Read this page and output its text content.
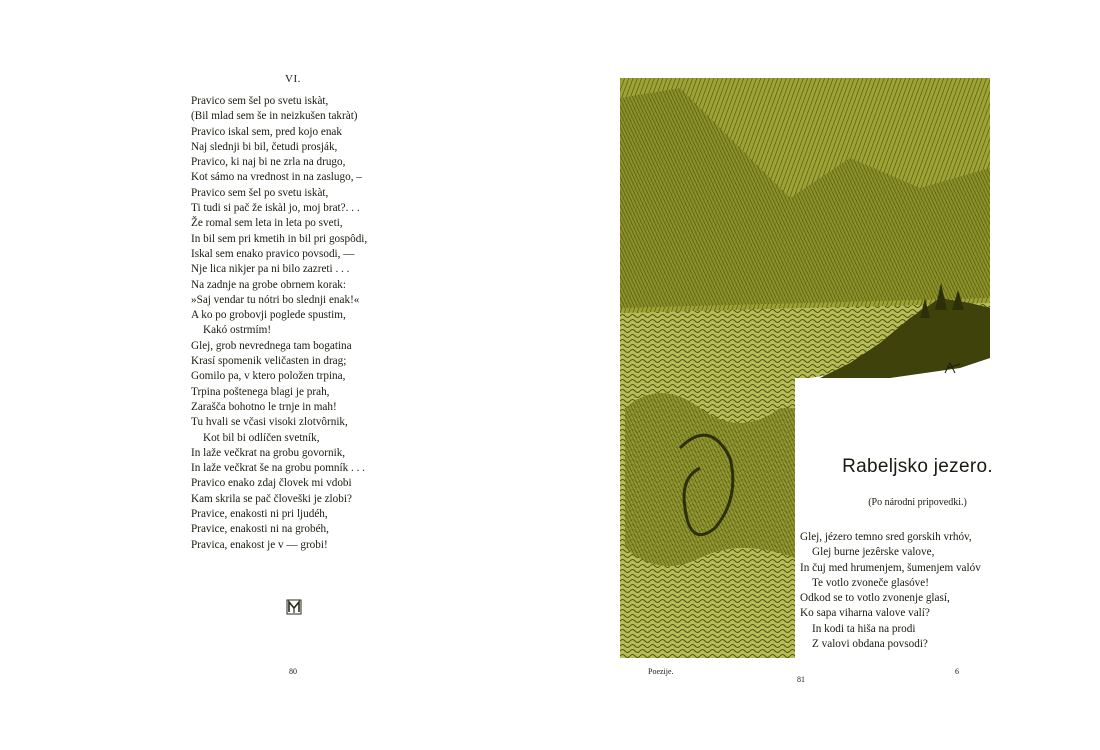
VI.
Pravico sem šel po svetu iskàt,
(Bil mlad sem še in neizkušen takràt)
Pravico iskal sem, pred kojo enak
Naj slednji bi bil, četudi prosják,
Pravico, ki naj bi ne zrla na drugo,
Kot sámo na vrednost in na zaslugo, –
Pravico sem šel po svetu iskàt,
Ti tudi si pač že iskàl jo, moj brat?. . .
Že romal sem leta in leta po sveti,
In bil sem pri kmetih in bil pri gospôdi,
Iskal sem enako pravico povsodi, —
Nje lica nikjer pa ni bilo zazreti . . .
Na zadnje na grobe obrnem korak:
»Saj vendar tu nótri bo slednji enak!«
A ko po grobovji poglede spustim,
Kakó ostrmím!
Glej, grob nevrednega tam bogatina
Krasí spomenik veličasten in drag;
Gomilo pa, v ktero položen trpina,
Trpina poštenega blagi je prah,
Zarašča bohotno le trnje in mah!
Tu hvali se včasi visoki zlotvôrnik,
Kot bil bi odlíčen svetník,
In laže večkrat na grobu govornik,
In laže večkrat še na grobu pomník . . .
Pravico enako zdaj človek mi vdobi
Kam skrila se pač človeški je zlobi?
Pravice, enakosti ni pri ljudéh,
Pravice, enakosti ni na grobéh,
Pravica, enakost je v — grobi!
80
Rabeljsko jezero.
(Po národni pripovedki.)
Glej, jézero temno sred gorskih vrhóv,
Glej burne jezêrske valove,
In čuj med hrumenjem, šumenjem valóv
Te votlo zvoneče glasóve!
Odkod se to votlo zvonenje glasí,
Ko sapa viharna valove valí?
In kodi ta hiša na prodi
Z valovi obdana povsodi?
Poezije.
81
6
